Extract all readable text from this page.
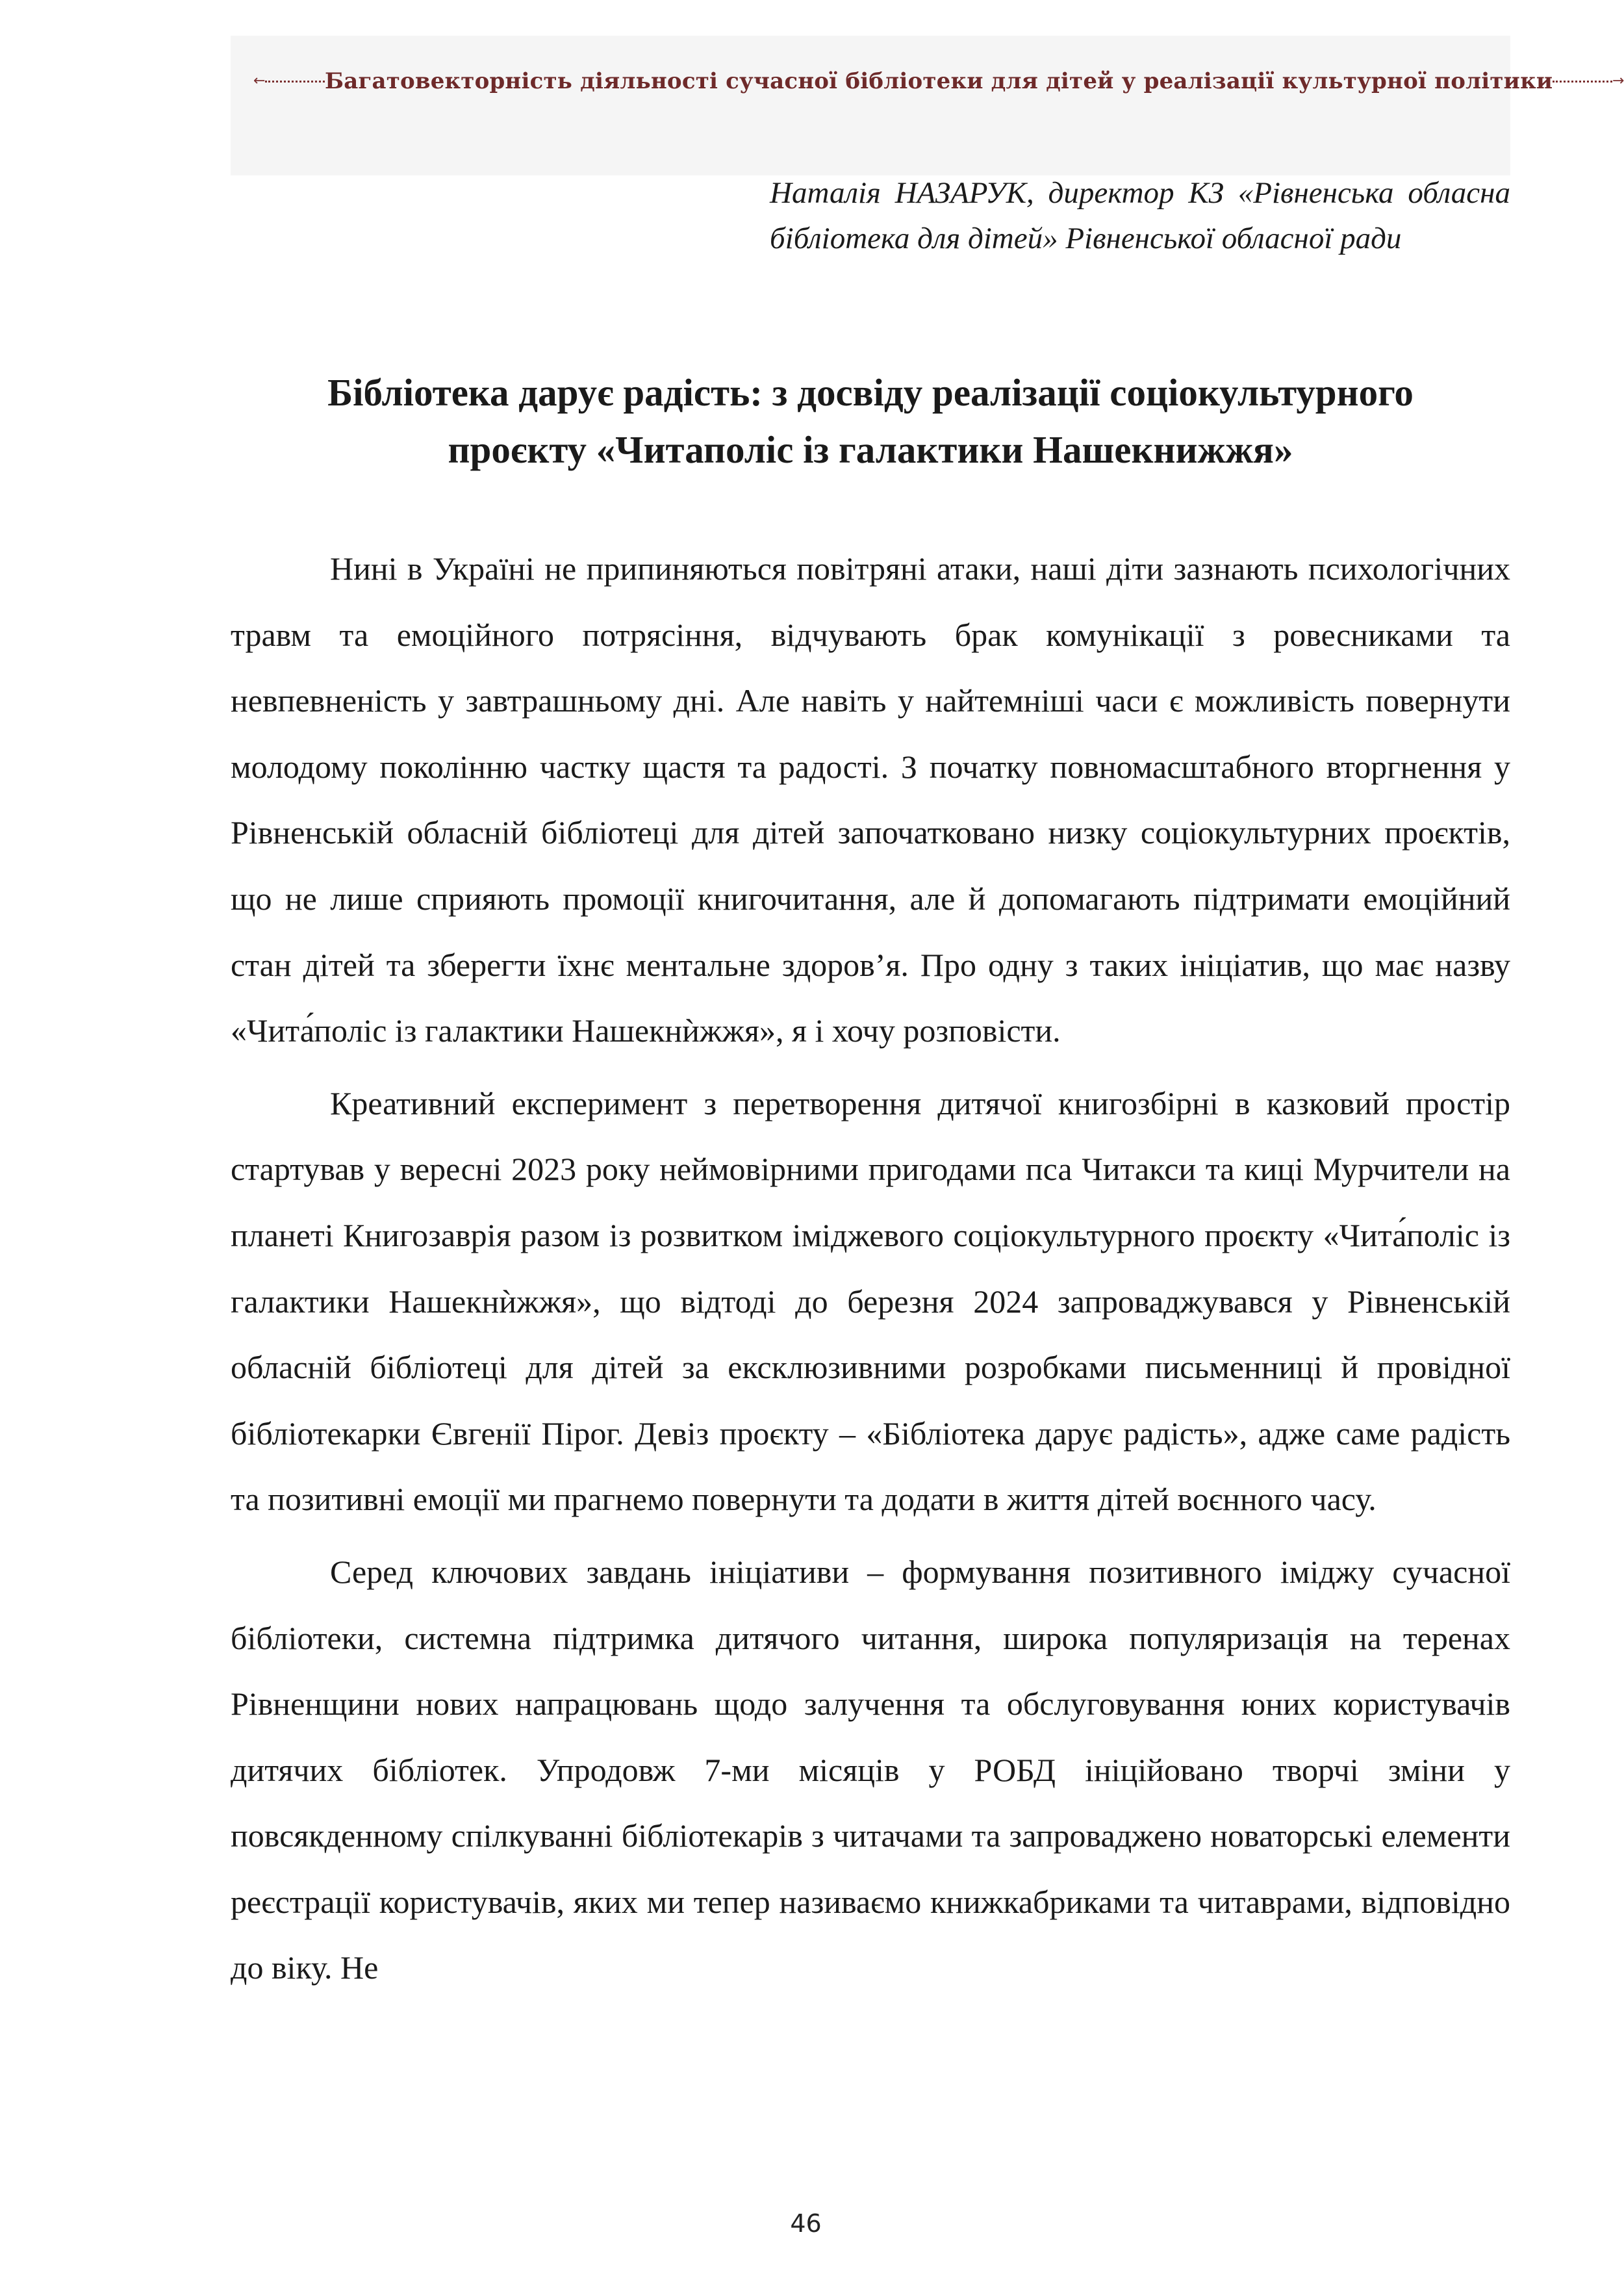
←	Багатовекторність діяльності сучасної бібліотеки для дітей у реалізації культурної політики	→
Наталія НАЗАРУК, директор КЗ «Рівненська обласна бібліотека для дітей» Рівненської обласної ради
Бібліотека дарує радість: з досвіду реалізації соціокультурного
проєкту «Читаполіс із галактики Нашекнижжя»

Нині в Україні не припиняються повітряні атаки, наші діти зазнають психологічних травм та емоційного потрясіння, відчувають брак комунікації з ровесниками та невпевненість у завтрашньому дні. Але навіть у найтемніші часи є можливість повернути молодому поколінню частку щастя та радості. З початку повномасштабного вторгнення у Рівненській обласній бібліотеці для дітей започатковано низку соціокультурних проєктів, що не лише сприяють промоції книгочитання, але й допомагають підтримати емоційний стан дітей та зберегти їхнє ментальне здоров’я. Про одну з таких ініціатив, що має назву «Чита́поліс із галактики Нашекнѝжжя», я і хочу розповісти.

Креативний експеримент з перетворення дитячої книгозбірні в казковий простір стартував у вересні 2023 року неймовірними пригодами пса Читакси та киці Мурчители на планеті Книгозаврія разом із розвитком іміджевого соціокультурного проєкту «Чита́поліс із галактики Нашекнѝжжя», що відтоді до березня 2024 запроваджувався у Рівненській обласній бібліотеці для дітей за ексклюзивними розробками письменниці й провідної бібліотекарки Євгенії Пірог. Девіз проєкту – «Бібліотека дарує радість», адже саме радість та позитивні емоції ми прагнемо повернути та додати в життя дітей воєнного часу.

Серед ключових завдань ініціативи – формування позитивного іміджу сучасної бібліотеки, системна підтримка дитячого читання, широка популяризація на теренах Рівненщини нових напрацювань щодо залучення та обслуговування юних користувачів дитячих бібліотек. Упродовж 7-ми місяців у РОБД ініційовано творчі зміни у повсякденному спілкуванні бібліотекарів з читачами та запроваджено новаторські елементи реєстрації користувачів, яких ми тепер називаємо книжкабриками та читаврами, відповідно до віку. Не

46
